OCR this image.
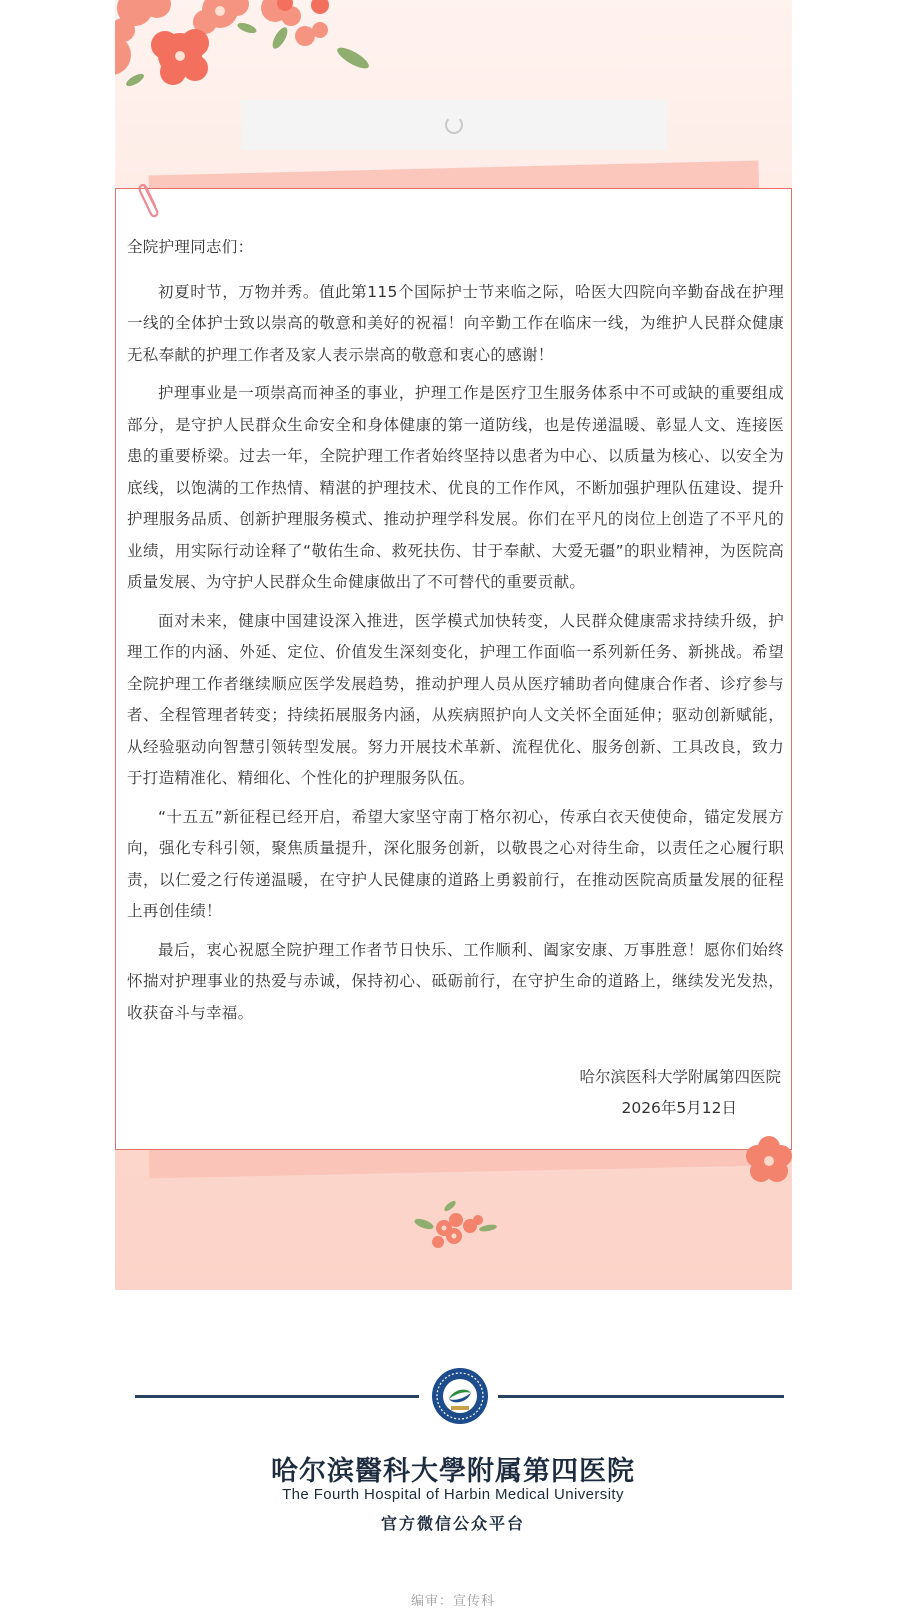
全院护理同志们：

初夏时节，万物并秀。值此第115个国际护士节来临之际，哈医大四院向辛勤奋战在护理一线的全体护士致以崇高的敬意和美好的祝福！向辛勤工作在临床一线，为维护人民群众健康无私奉献的护理工作者及家人表示崇高的敬意和衷心的感谢！

护理事业是一项崇高而神圣的事业，护理工作是医疗卫生服务体系中不可或缺的重要组成部分，是守护人民群众生命安全和身体健康的第一道防线，也是传递温暖、彰显人文、连接医患的重要桥梁。过去一年，全院护理工作者始终坚持以患者为中心、以质量为核心、以安全为底线，以饱满的工作热情、精湛的护理技术、优良的工作作风，不断加强护理队伍建设、提升护理服务品质、创新护理服务模式、推动护理学科发展。你们在平凡的岗位上创造了不平凡的业绩，用实际行动诠释了“敬佑生命、救死扶伤、甘于奉献、大爱无疆”的职业精神，为医院高质量发展、为守护人民群众生命健康做出了不可替代的重要贡献。

面对未来，健康中国建设深入推进，医学模式加快转变，人民群众健康需求持续升级，护理工作的内涵、外延、定位、价值发生深刻变化，护理工作面临一系列新任务、新挑战。希望全院护理工作者继续顺应医学发展趋势，推动护理人员从医疗辅助者向健康合作者、诊疗参与者、全程管理者转变；持续拓展服务内涵，从疾病照护向人文关怀全面延伸；驱动创新赋能，从经验驱动向智慧引领转型发展。努力开展技术革新、流程优化、服务创新、工具改良，致力于打造精准化、精细化、个性化的护理服务队伍。

“十五五”新征程已经开启，希望大家坚守南丁格尔初心，传承白衣天使使命，锚定发展方向，强化专科引领，聚焦质量提升，深化服务创新，以敬畏之心对待生命，以责任之心履行职责，以仁爱之行传递温暖，在守护人民健康的道路上勇毅前行，在推动医院高质量发展的征程上再创佳绩！

最后，衷心祝愿全院护理工作者节日快乐、工作顺利、阖家安康、万事胜意！愿你们始终怀揣对护理事业的热爱与赤诚，保持初心、砥砺前行，在守护生命的道路上，继续发光发热，收获奋斗与幸福。

哈尔滨医科大学附属第四医院
2026年5月12日
哈尔滨醫科大學附属第四医院
The Fourth Hospital of Harbin Medical University
官方微信公众平台
编审：宣传科
